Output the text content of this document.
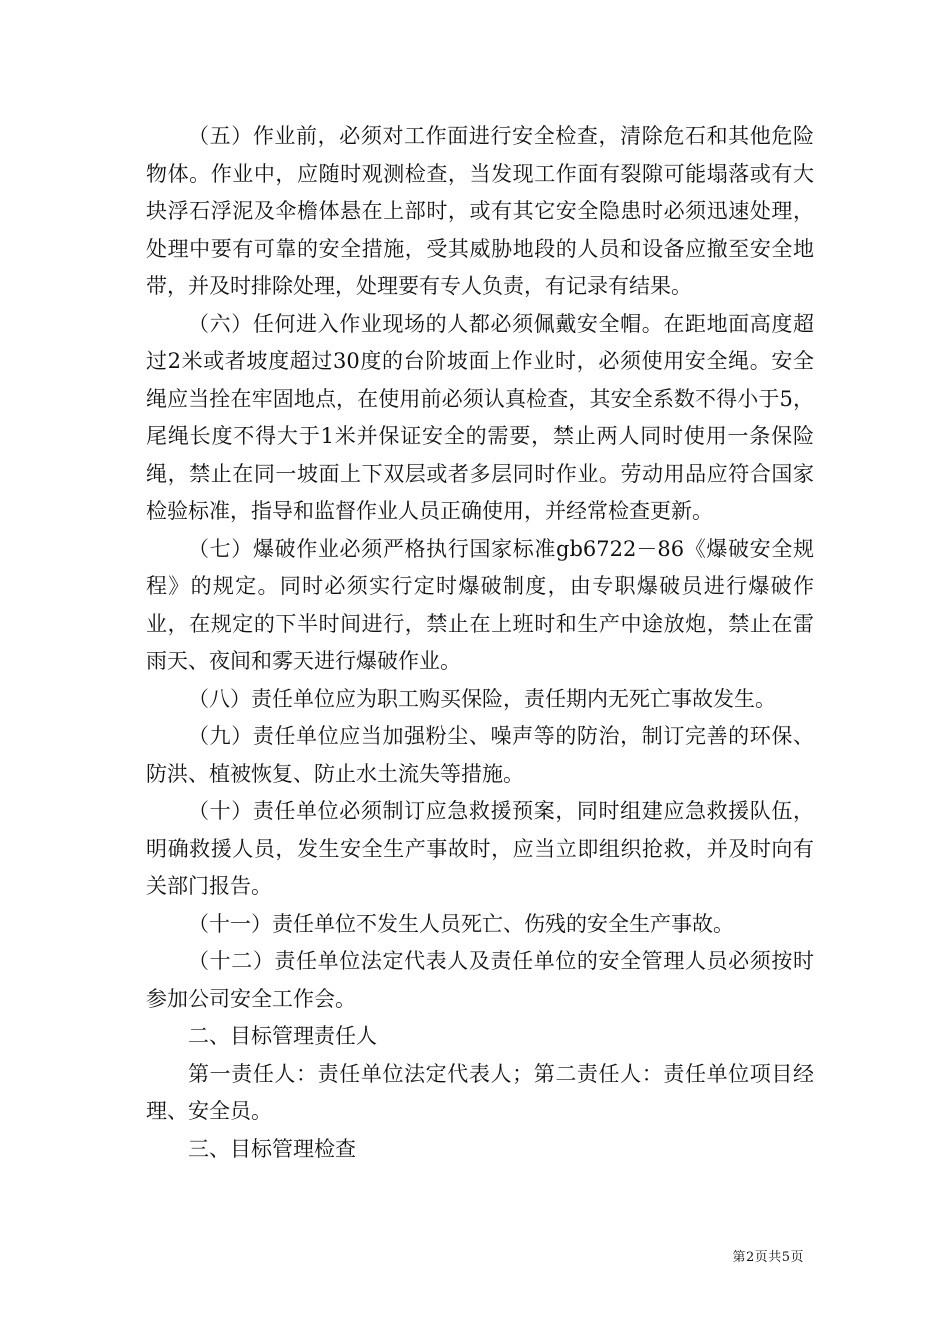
（五）作业前，必须对工作面进行安全检查，清除危石和其他危险物体。作业中，应随时观测检查，当发现工作面有裂隙可能塌落或有大块浮石浮泥及伞檐体悬在上部时，或有其它安全隐患时必须迅速处理，处理中要有可靠的安全措施，受其威胁地段的人员和设备应撤至安全地带，并及时排除处理，处理要有专人负责，有记录有结果。

（六）任何进入作业现场的人都必须佩戴安全帽。在距地面高度超过2米或者坡度超过30度的台阶坡面上作业时，必须使用安全绳。安全绳应当拴在牢固地点，在使用前必须认真检查，其安全系数不得小于5，尾绳长度不得大于1米并保证安全的需要，禁止两人同时使用一条保险绳，禁止在同一坡面上下双层或者多层同时作业。劳动用品应符合国家检验标准，指导和监督作业人员正确使用，并经常检查更新。

（七）爆破作业必须严格执行国家标准gb6722－86《爆破安全规程》的规定。同时必须实行定时爆破制度，由专职爆破员进行爆破作业，在规定的下半时间进行，禁止在上班时和生产中途放炮，禁止在雷雨天、夜间和雾天进行爆破作业。

（八）责任单位应为职工购买保险，责任期内无死亡事故发生。

（九）责任单位应当加强粉尘、噪声等的防治，制订完善的环保、防洪、植被恢复、防止水土流失等措施。

（十）责任单位必须制订应急救援预案，同时组建应急救援队伍，明确救援人员，发生安全生产事故时，应当立即组织抢救，并及时向有关部门报告。

（十一）责任单位不发生人员死亡、伤残的安全生产事故。

（十二）责任单位法定代表人及责任单位的安全管理人员必须按时参加公司安全工作会。

二、目标管理责任人

第一责任人：责任单位法定代表人；第二责任人：责任单位项目经理、安全员。

三、目标管理检查

第2页共5页
